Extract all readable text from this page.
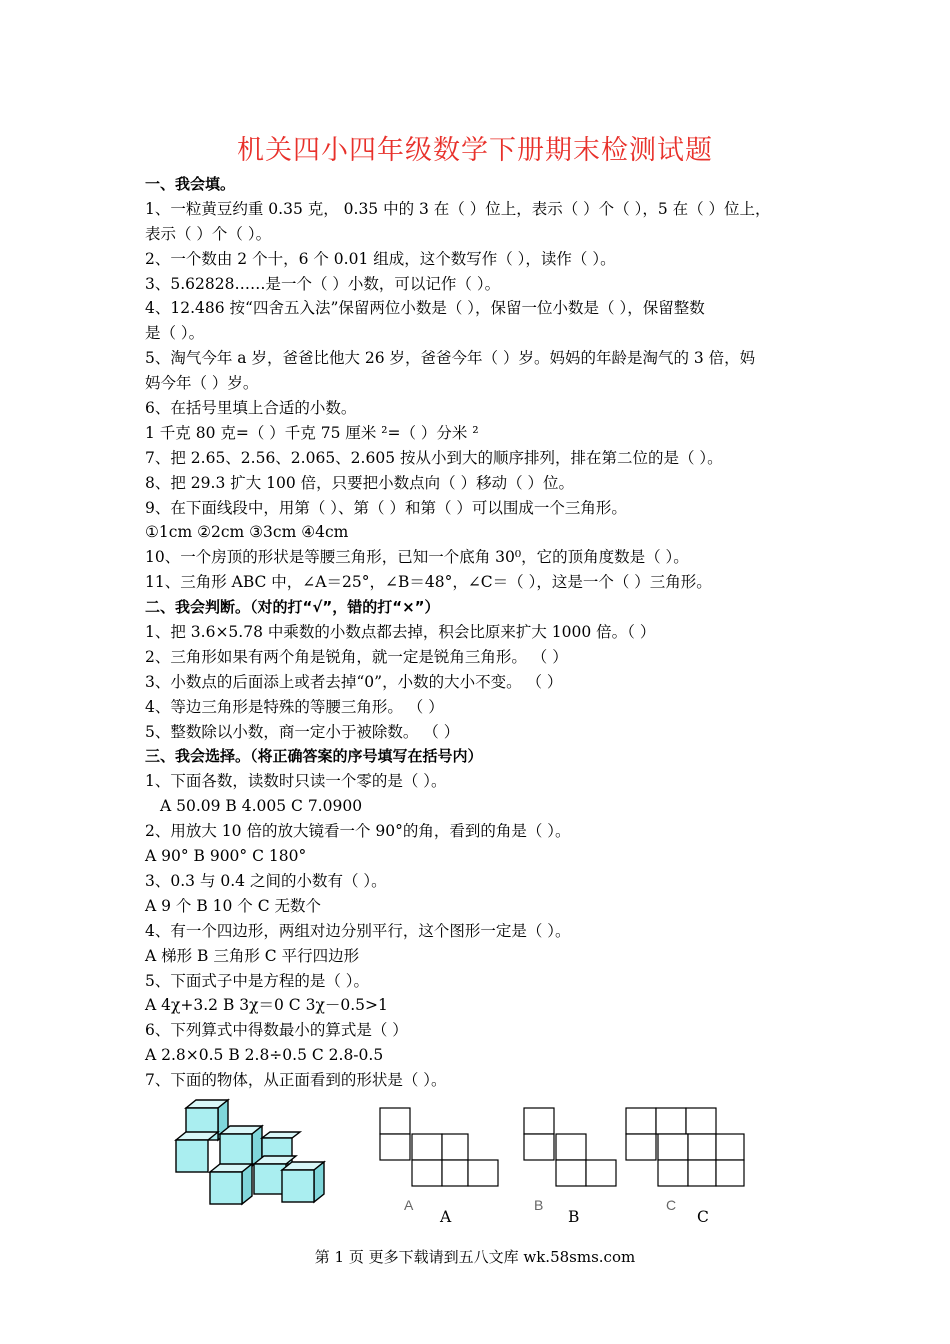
机关四小四年级数学下册期末检测试题
一、我会填。
1、一粒黄豆约重 0.35 克， 0.35 中的 3 在（ ）位上，表示（ ）个（ ），5 在（ ）位上，
表示（ ）个（ ）。
2、一个数由 2 个十，6 个 0.01 组成，这个数写作（ ），读作（ ）。
3、5.62828……是一个（ ）小数，可以记作（ ）。
4、12.486 按“四舍五入法”保留两位小数是（ ），保留一位小数是（ ），保留整数
是（ ）。
5、淘气今年 a 岁，爸爸比他大 26 岁，爸爸今年（ ）岁。妈妈的年龄是淘气的 3 倍，妈
妈今年（ ）岁。
6、在括号里填上合适的小数。
1 千克 80 克=（ ）千克 75 厘米 ²=（ ）分米 ²
7、把 2.65、2.56、2.065、2.605 按从小到大的顺序排列，排在第二位的是（ ）。
8、把 29.3 扩大 100 倍，只要把小数点向（ ）移动（ ）位。
9、在下面线段中，用第（ ）、第（ ）和第（ ）可以围成一个三角形。
①1cm ②2cm ③3cm ④4cm
10、一个房顶的形状是等腰三角形，已知一个底角 30⁰，它的顶角度数是（ ）。
11、三角形 ABC 中，∠A＝25°，∠B＝48°，∠C＝（ ），这是一个（ ）三角形。
二、我会判断。（对的打“√”，错的打“×”）
1、把 3.6×5.78 中乘数的小数点都去掉，积会比原来扩大 1000 倍。（ ）
2、三角形如果有两个角是锐角，就一定是锐角三角形。 （ ）
3、小数点的后面添上或者去掉“0”，小数的大小不变。 （ ）
4、等边三角形是特殊的等腰三角形。 （ ）
5、整数除以小数，商一定小于被除数。 （ ）
三、我会选择。（将正确答案的序号填写在括号内）
1、下面各数，读数时只读一个零的是（ ）。
A 50.09 B 4.005 C 7.0900
2、用放大 10 倍的放大镜看一个 90°的角，看到的角是（ ）。
A 90° B 900° C 180°
3、0.3 与 0.4 之间的小数有（ ）。
A 9 个 B 10 个 C 无数个
4、有一个四边形，两组对边分别平行，这个图形一定是（ ）。
A 梯形 B 三角形 C 平行四边形
5、下面式子中是方程的是（ ）。
A 4χ+3.2 B 3χ＝0 C 3χ－0.5>1
6、下列算式中得数最小的算式是（ ）
A 2.8×0.5 B 2.8÷0.5 C 2.8-0.5
7、下面的物体，从正面看到的形状是（ ）。
A	B	C
A	B	C
第 1 页 更多下载请到五八文库 wk.58sms.com
